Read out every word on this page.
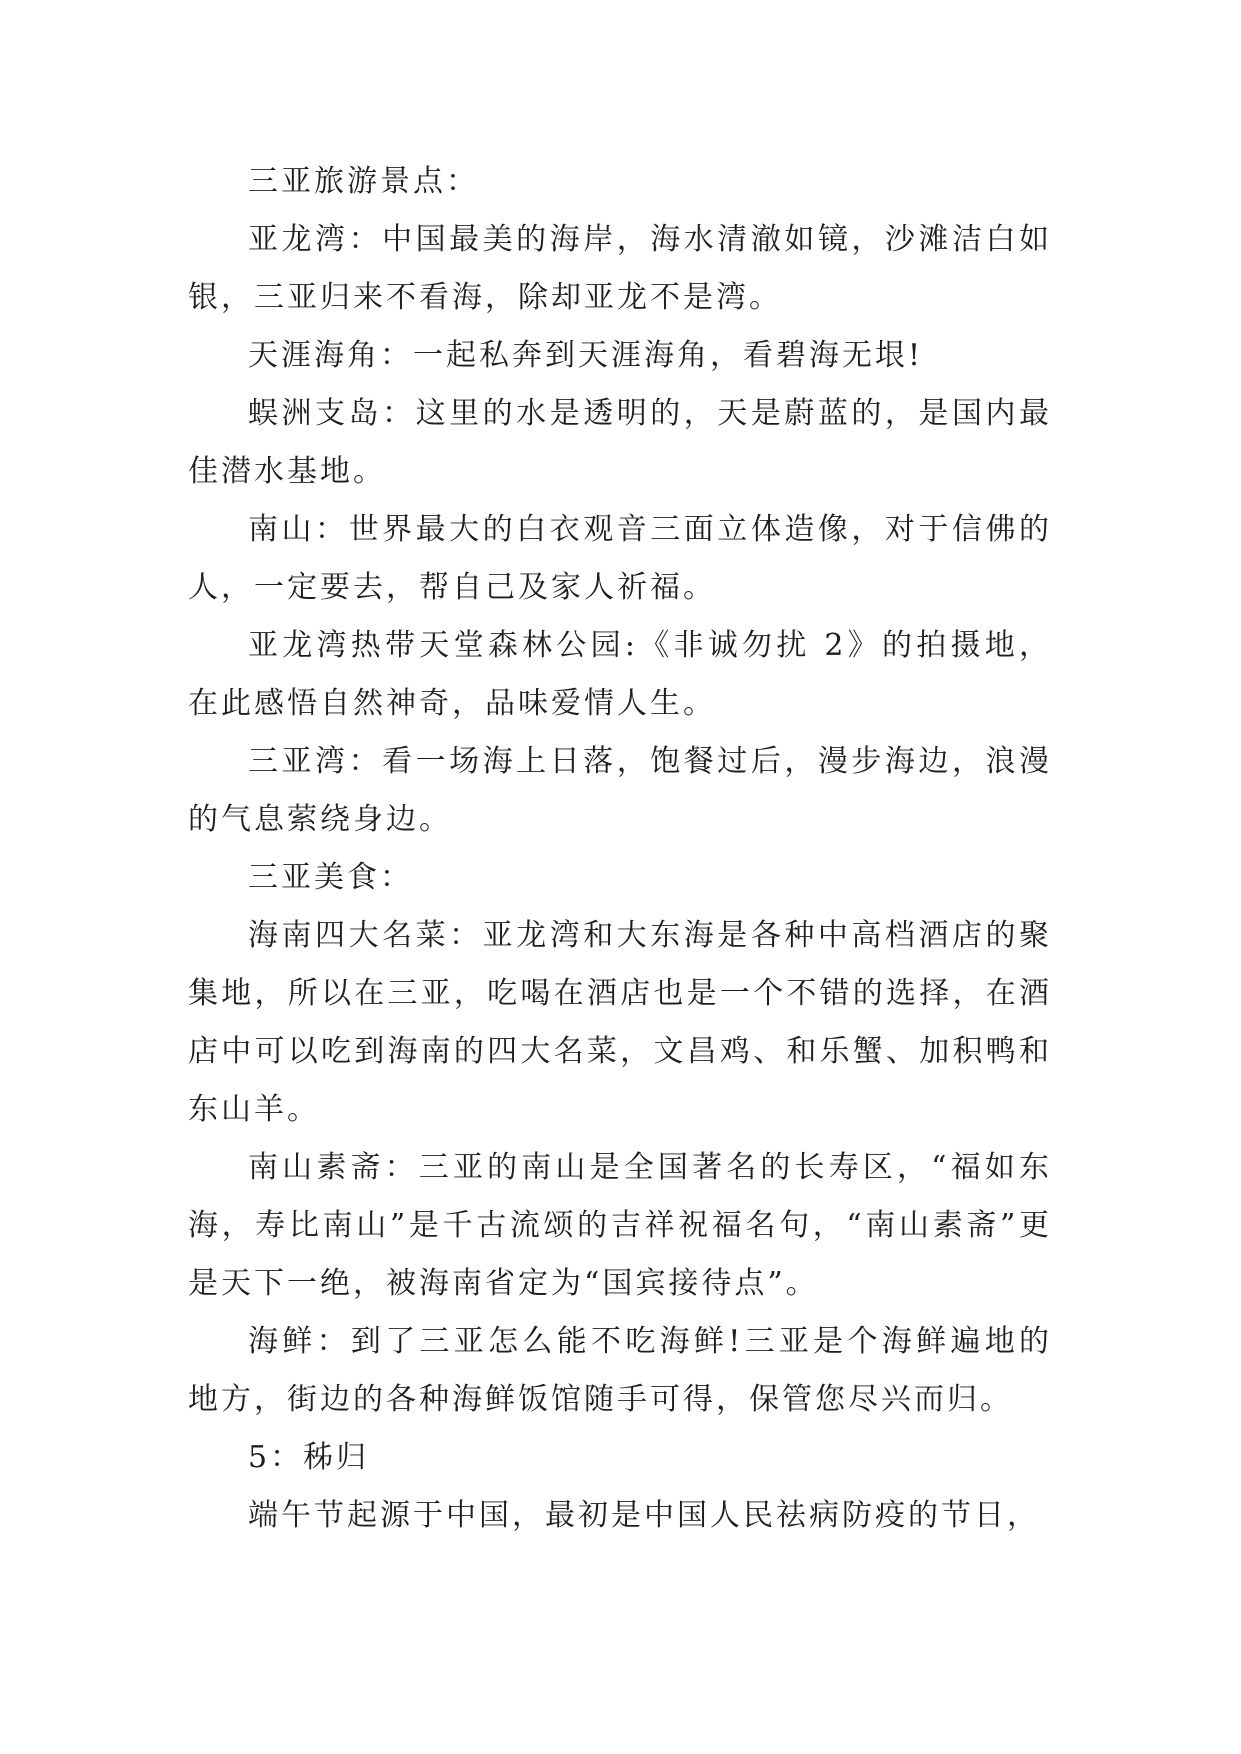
三亚旅游景点：

亚龙湾：中国最美的海岸，海水清澈如镜，沙滩洁白如银，三亚归来不看海，除却亚龙不是湾。

天涯海角：一起私奔到天涯海角，看碧海无垠!

蜈洲支岛：这里的水是透明的，天是蔚蓝的，是国内最佳潜水基地。

南山：世界最大的白衣观音三面立体造像，对于信佛的人，一定要去，帮自己及家人祈福。

亚龙湾热带天堂森林公园:《非诚勿扰 2》的拍摄地，在此感悟自然神奇，品味爱情人生。

三亚湾：看一场海上日落，饱餐过后，漫步海边，浪漫的气息萦绕身边。

三亚美食：

海南四大名菜：亚龙湾和大东海是各种中高档酒店的聚集地，所以在三亚，吃喝在酒店也是一个不错的选择，在酒店中可以吃到海南的四大名菜，文昌鸡、和乐蟹、加积鸭和东山羊。

南山素斋：三亚的南山是全国著名的长寿区，“福如东海，寿比南山”是千古流颂的吉祥祝福名句，“南山素斋”更是天下一绝，被海南省定为“国宾接待点”。

海鲜：到了三亚怎么能不吃海鲜!三亚是个海鲜遍地的地方，街边的各种海鲜饭馆随手可得，保管您尽兴而归。

5：秭归

端午节起源于中国，最初是中国人民祛病防疫的节日，
